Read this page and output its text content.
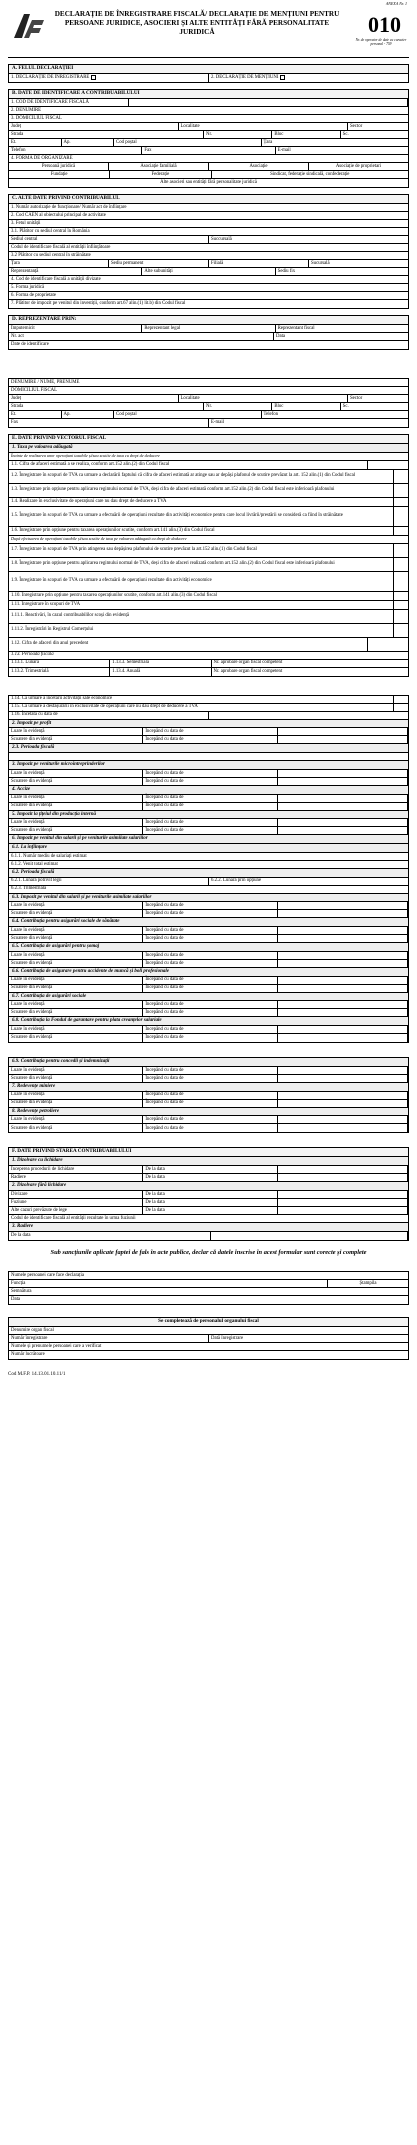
ANEXA Nr. 1
DECLARAȚIE DE ÎNREGISTRARE FISCALĂ/ DECLARAȚIE DE MENȚIUNI PENTRU PERSOANE JURIDICE, ASOCIERI ȘI ALTE ENTITĂȚI FĂRĂ PERSONALITATE JURIDICĂ	010
Nr. de operator de date cu caracter personal - 759
A. FELUL DECLARAȚIEI
1. DECLARAȚIE DE ÎNREGISTRARE	2. DECLARAȚIE DE MENȚIUNI
B. DATE DE IDENTIFICARE A CONTRIBUABILULUI
1. COD DE IDENTIFICARE FISCALĂ
2. DENUMIRE
3. DOMICILIUL FISCAL
Județ	Localitate	Sector
Strada	Nr.	Bloc	Sc.
Et.	Ap.	Cod poștal	Țara
Telefon	Fax	E-mail
4. FORMA DE ORGANIZARE
Persoană juridică	Asociație familială	Asociație	Asociație de proprietari
Fundație	Federație	Sindicat, federație sindicală, confederație
Alte asocieri sau entități fără personalitate juridică
C. ALTE DATE PRIVIND CONTRIBUABILUL
1. Număr autorizație de funcționare/ Număr act de înființare
2. Cod CAEN al obiectului principal de activitate
3. Fetul unității
3.1. Plătitor cu sediul central în România
Sediul central	Succursală
Codul de identificare fiscală al entității înființătoare
3.2 Plătitor cu sediul central în străinătate
Țara	Sediu permanent	Filială	Sucursală
Reprezentanță	Alte subunități	Sediu fix
4. Cod de identificare fiscală a unității divizate
5. Forma juridică
6. Forma de proprietate
7. Plătitor de impozit pe venitul din investiții, conform art.67 alin.(1) lit.b) din Codul fiscal
D. REPREZENTARE PRIN:
Împuternicit	Reprezentant legal	Reprezentant fiscal
Nr. act	Data
Date de identificare
DENUMIRE / NUME, PRENUME
DOMICILIUL FISCAL
Județ	Localitate	Sector
Strada	Nr.	Bloc	Sc.
Et.	Ap.	Cod poștal	Telefon
Fax	E-mail
E. DATE PRIVIND VECTORUL FISCAL
1. Taxa pe valoarea adăugată
Înainte de realizarea unor operațiuni taxabile și/sau scutite de taxa cu drept de deducere
1.1. Cifra de afaceri estimată a se realiza, conform art.152 alin.(2) din Codul fiscal
1.2. Înregistrare în scopuri de TVA ca urmare a declarării faptului că cifra de afaceri estimată ar atinge sau ar depăși plafonul de scutire prevăzut la art. 152 alin.(1) din Codul fiscal
1.3. Înregistrare prin opțiune pentru aplicarea regimului normal de TVA, deși cifra de afaceri estimată conform art.152 alin.(2) din Codul fiscal este inferioară plafonului
1.4. Realizare în exclusivitate de operațiuni care nu dau drept de deducere a TVA
1.5. Înregistrare în scopuri de TVA ca urmare a efectuării de operațiuni rezultate din activități economice pentru care locul livrării/prestării se consideră ca fiind în străinătate
1.6. Înregistrare prin opțiune pentru taxarea operațiunilor scutite, conform art.141 alin.(3) din Codul fiscal
După efectuarea de operațiuni taxabile și/sau scutite de taxa pe valoarea adăugată cu drept de deducere
1.7. Înregistrare în scopuri de TVA prin atingerea sau depășirea plafonului de scutire prevăzut la art.152 alin.(1) din Codul fiscal
1.8. Înregistrare prin opțiune pentru aplicarea regimului normal de TVA, deși cifra de afaceri realizată conform art.152 alin.(2) din Codul fiscal este inferioară plafonului
1.9. Înregistrare în scopuri de TVA ca urmare a efectuării de operațiuni rezultate din activități economice
1.10. Înregistrare prin opțiune pentru taxarea operațiunilor scutite, conform art.141 alin.(3) din Codul fiscal
1.11. Înregistrare în scopuri de TVA
1.11.1. Reactivări, în cazul contribuabililor scoși din evidență
1.11.2. Înregistrări în Registrul Comerțului
1.12. Cifra de afaceri din anul precedent
1.13. Perioada fiscală
1.13.1. Lunară	1.13.3. Semestrială	Nr. aprobare organ fiscal competent
1.13.2. Trimestrială	1.13.4. Anuală	Nr. aprobare organ fiscal competent
1.14. Ca urmare a încetării activității sale economice
1.15. Ca urmare a desfășurării în exclusivitate de operațiuni care nu dau drept de deducere a TVA
1.16. Încetată cu data de
2. Impozit pe profit
Luare în evidență	Începând cu data de
Scoatere din evidență	Începând cu data de
2.3. Perioada fiscală
3. Impozit pe veniturile microîntreprinderilor
Luare în evidență	Începând cu data de
Scoatere din evidență	Începând cu data de
4. Accize
Luare în evidență	Începând cu data de
Scoatere din evidență	Începând cu data de
5. Impozit la țițeiul din producția internă
Luare în evidență	Începând cu data de
Scoatere din evidență	Începând cu data de
6. Impozit pe venitul din salarii și pe veniturile asimilate salariilor
6.1. La înființare
6.1.1. Număr mediu de salariați estimat
6.1.2. Venit total estimat
6.2. Perioada fiscală
6.2.1. Lunară potrivit legii	6.2.2. Lunară prin opțiune
6.2.3. Trimestrială
6.3. Impozit pe venitul din salarii și pe veniturile asimilate salariilor
Luare în evidență	Începând cu data de
Scoatere din evidență	Începând cu data de
6.4. Contribuția pentru asigurări sociale de sănătate
Luare în evidență	Începând cu data de
Scoatere din evidență	Începând cu data de
6.5. Contribuția de asigurări pentru șomaj
Luare în evidență	Începând cu data de
Scoatere din evidență	Începând cu data de
6.6. Contribuția de asigurare pentru accidente de muncă și boli profesionale
Luare în evidență	Începând cu data de
Scoatere din evidență	Începând cu data de
6.7. Contribuția de asigurări sociale
Luare în evidență	Începând cu data de
Scoatere din evidență	Începând cu data de
6.8. Contribuția la Fondul de garantare pentru plata creanțelor salariale
Luare în evidență	Începând cu data de
Scoatere din evidență	Începând cu data de
6.9. Contribuția pentru concedii și indemnizații
Luare în evidență	Începând cu data de
Scoatere din evidență	Începând cu data de
7. Redevențe miniere
Luare în evidență	Începând cu data de
Scoatere din evidență	Începând cu data de
8. Redevențe petroliere
Luare în evidență	Începând cu data de
Scoatere din evidență	Începând cu data de
F. DATE PRIVIND STAREA CONTRIBUABILULUI
1. Dizolvare cu lichidare
Începerea procedurii de lichidare	De la data
Radiere	De la data
2. Dizolvare fără lichidare
Divizare	De la data
Fuziune	De la data
Alte cazuri prevăzute de lege	De la data
Codul de identificare fiscală al entității rezultate în urma fuziunii
3. Radiere
De la data
Sub sancțiunile aplicate faptei de fals în acte publice, declar că datele înscrise în acest formular sunt corecte și complete
Numele persoanei care face declarația
Funcția	Ștampila
Semnătura
Data
Se completează de personalul organului fiscal
Denumire organ fiscal
Număr înregistrare	Dată înregistrare
Numele și prenumele persoanei care a verificat
Număr lucrătoare
Cod M.F.P. 14.13.01.10.11/1
